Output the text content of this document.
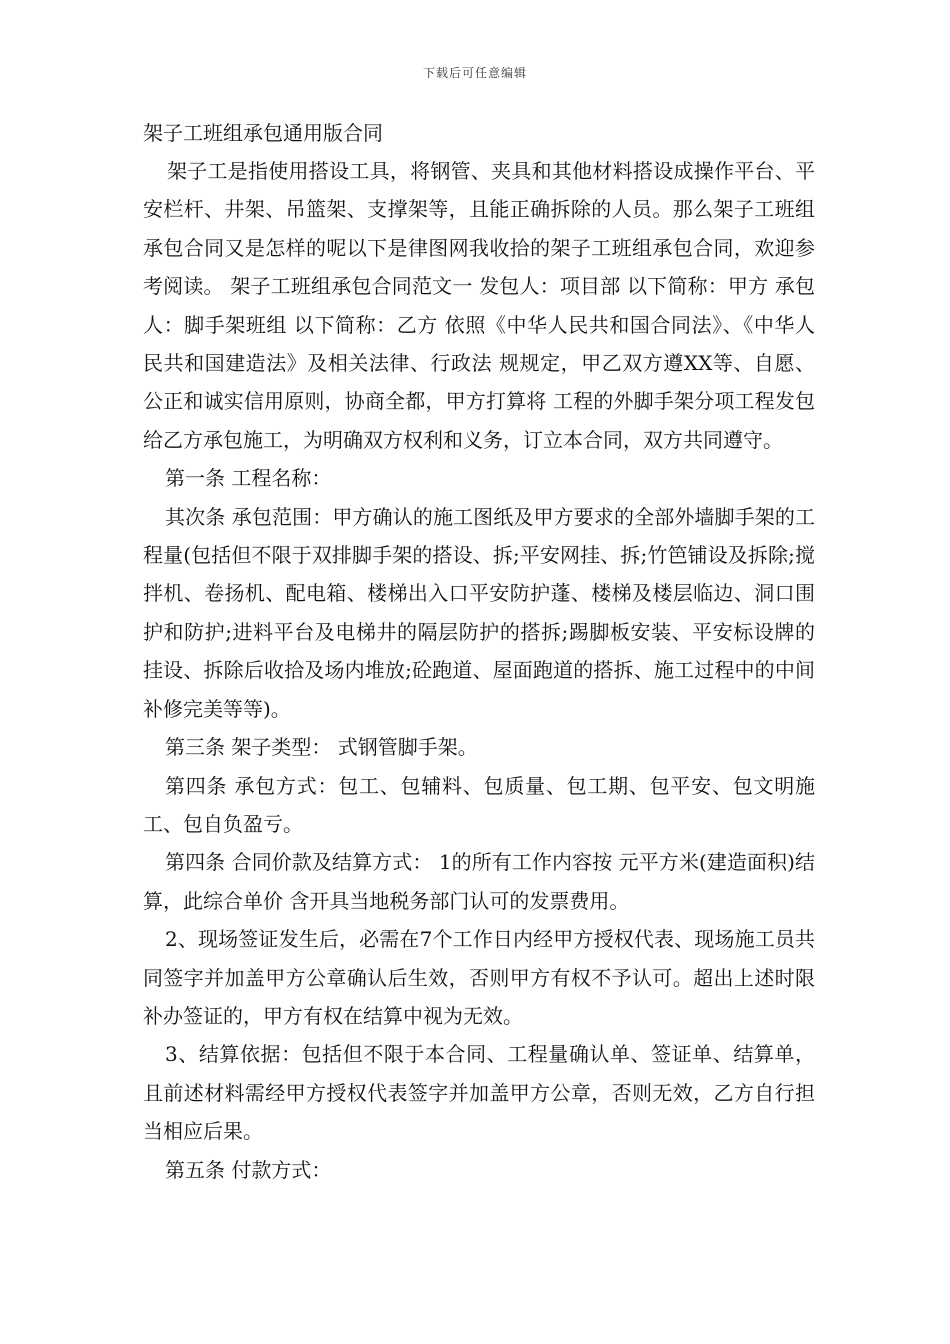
下载后可任意编辑
架子工班组承包通用版合同

架子工是指使用搭设工具，将钢管、夹具和其他材料搭设成操作平台、平安栏杆、井架、吊篮架、支撑架等，且能正确拆除的人员。那么架子工班组承包合同又是怎样的呢以下是律图网我收拾的架子工班组承包合同，欢迎参考阅读。 架子工班组承包合同范文一 发包人：项目部 以下简称：甲方 承包人：脚手架班组 以下简称：乙方 依照《中华人民共和国合同法》、《中华人民共和国建造法》及相关法律、行政法 规规定，甲乙双方遵XX等、自愿、公正和诚实信用原则，协商全都，甲方打算将 工程的外脚手架分项工程发包给乙方承包施工，为明确双方权利和义务，订立本合同，双方共同遵守。

第一条 工程名称：

其次条 承包范围：甲方确认的施工图纸及甲方要求的全部外墙脚手架的工程量(包括但不限于双排脚手架的搭设、拆;平安网挂、拆;竹笆铺设及拆除;搅拌机、卷扬机、配电箱、楼梯出入口平安防护蓬、楼梯及楼层临边、洞口围护和防护;进料平台及电梯井的隔层防护的搭拆;踢脚板安装、平安标设牌的挂设、拆除后收拾及场内堆放;砼跑道、屋面跑道的搭拆、施工过程中的中间补修完美等等)。

第三条 架子类型： 式钢管脚手架。

第四条 承包方式：包工、包辅料、包质量、包工期、包平安、包文明施工、包自负盈亏。

第四条 合同价款及结算方式： 1的所有工作内容按 元平方米(建造面积)结算，此综合单价 含开具当地税务部门认可的发票费用。

2、现场签证发生后，必需在7个工作日内经甲方授权代表、现场施工员共同签字并加盖甲方公章确认后生效，否则甲方有权不予认可。超出上述时限补办签证的，甲方有权在结算中视为无效。

3、结算依据：包括但不限于本合同、工程量确认单、签证单、结算单，且前述材料需经甲方授权代表签字并加盖甲方公章，否则无效，乙方自行担当相应后果。

第五条 付款方式：
